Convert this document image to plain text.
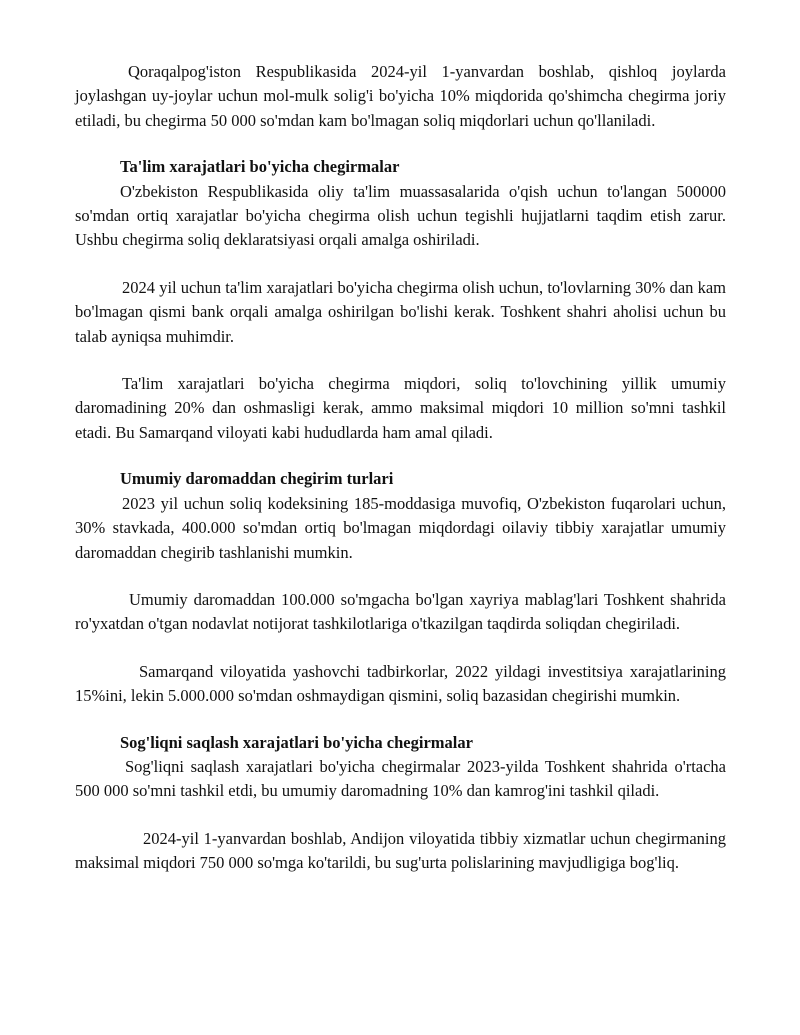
Qoraqalpog'iston Respublikasida 2024-yil 1-yanvardan boshlab, qishloq joylarda joylashgan uy-joylar uchun mol-mulk solig'i bo'yicha 10% miqdorida qo'shimcha chegirma joriy etiladi, bu chegirma 50 000 so'mdan kam bo'lmagan soliq miqdorlari uchun qo'llaniladi.

Ta'lim xarajatlari bo'yicha chegirmalar

O'zbekiston Respublikasida oliy ta'lim muassasalarida o'qish uchun to'langan 500000 so'mdan ortiq xarajatlar bo'yicha chegirma olish uchun tegishli hujjatlarni taqdim etish zarur. Ushbu chegirma soliq deklaratsiyasi orqali amalga oshiriladi.

2024 yil uchun ta'lim xarajatlari bo'yicha chegirma olish uchun, to'lovlarning 30% dan kam bo'lmagan qismi bank orqali amalga oshirilgan bo'lishi kerak. Toshkent shahri aholisi uchun bu talab ayniqsa muhimdir.

Ta'lim xarajatlari bo'yicha chegirma miqdori, soliq to'lovchining yillik umumiy daromadining 20% dan oshmasligi kerak, ammo maksimal miqdori 10 million so'mni tashkil etadi. Bu Samarqand viloyati kabi hududlarda ham amal qiladi.

Umumiy daromaddan chegirim turlari

2023 yil uchun soliq kodeksining 185-moddasiga muvofiq, O'zbekiston fuqarolari uchun, 30% stavkada, 400.000 so'mdan ortiq bo'lmagan miqdordagi oilaviy tibbiy xarajatlar umumiy daromaddan chegirib tashlanishi mumkin.

Umumiy daromaddan 100.000 so'mgacha bo'lgan xayriya mablag'lari Toshkent shahrida ro'yxatdan o'tgan nodavlat notijorat tashkilotlariga o'tkazilgan taqdirda soliqdan chegiriladi.

Samarqand viloyatida yashovchi tadbirkorlar, 2022 yildagi investitsiya xarajatlarining 15%ini, lekin 5.000.000 so'mdan oshmaydigan qismini, soliq bazasidan chegirishi mumkin.

Sog'liqni saqlash xarajatlari bo'yicha chegirmalar

Sog'liqni saqlash xarajatlari bo'yicha chegirmalar 2023-yilda Toshkent shahrida o'rtacha 500 000 so'mni tashkil etdi, bu umumiy daromadning 10% dan kamrog'ini tashkil qiladi.

2024-yil 1-yanvardan boshlab, Andijon viloyatida tibbiy xizmatlar uchun chegirmaning maksimal miqdori 750 000 so'mga ko'tarildi, bu sug'urta polislarining mavjudligiga bog'liq.
